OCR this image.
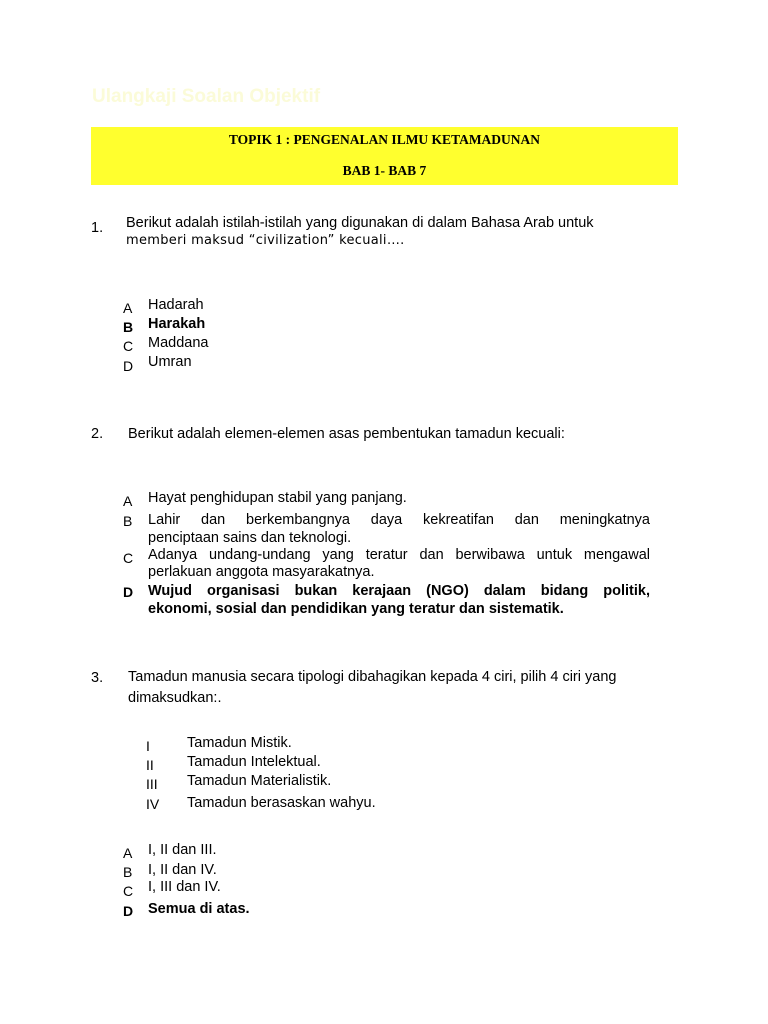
Ulangkaji Soalan Objektif
TOPIK 1 : PENGENALAN ILMU KETAMADUNAN
BAB 1- BAB 7
1. Berikut adalah istilah-istilah yang digunakan di dalam Bahasa Arab untuk
memberi maksud “civilization” kecuali….
A Hadarah
B Harakah
C Maddana
D Umran
2. Berikut adalah elemen-elemen asas pembentukan tamadun kecuali:
A Hayat penghidupan stabil yang panjang.
B Lahir dan berkembangnya daya kekreatifan dan meningkatnya
penciptaan sains dan teknologi.
C Adanya undang-undang yang teratur dan berwibawa untuk mengawal
perlakuan anggota masyarakatnya.
D Wujud organisasi bukan kerajaan (NGO) dalam bidang politik,
ekonomi, sosial dan pendidikan yang teratur dan sistematik.
3. Tamadun manusia secara tipologi dibahagikan kepada 4 ciri, pilih 4 ciri yang
dimaksudkan:.
I	Tamadun Mistik.
II Tamadun Intelektual.
III Tamadun Materialistik.
IV Tamadun berasaskan wahyu.
A I, II dan III.
B I, II dan IV.
C I, III dan IV.
D Semua di atas.
